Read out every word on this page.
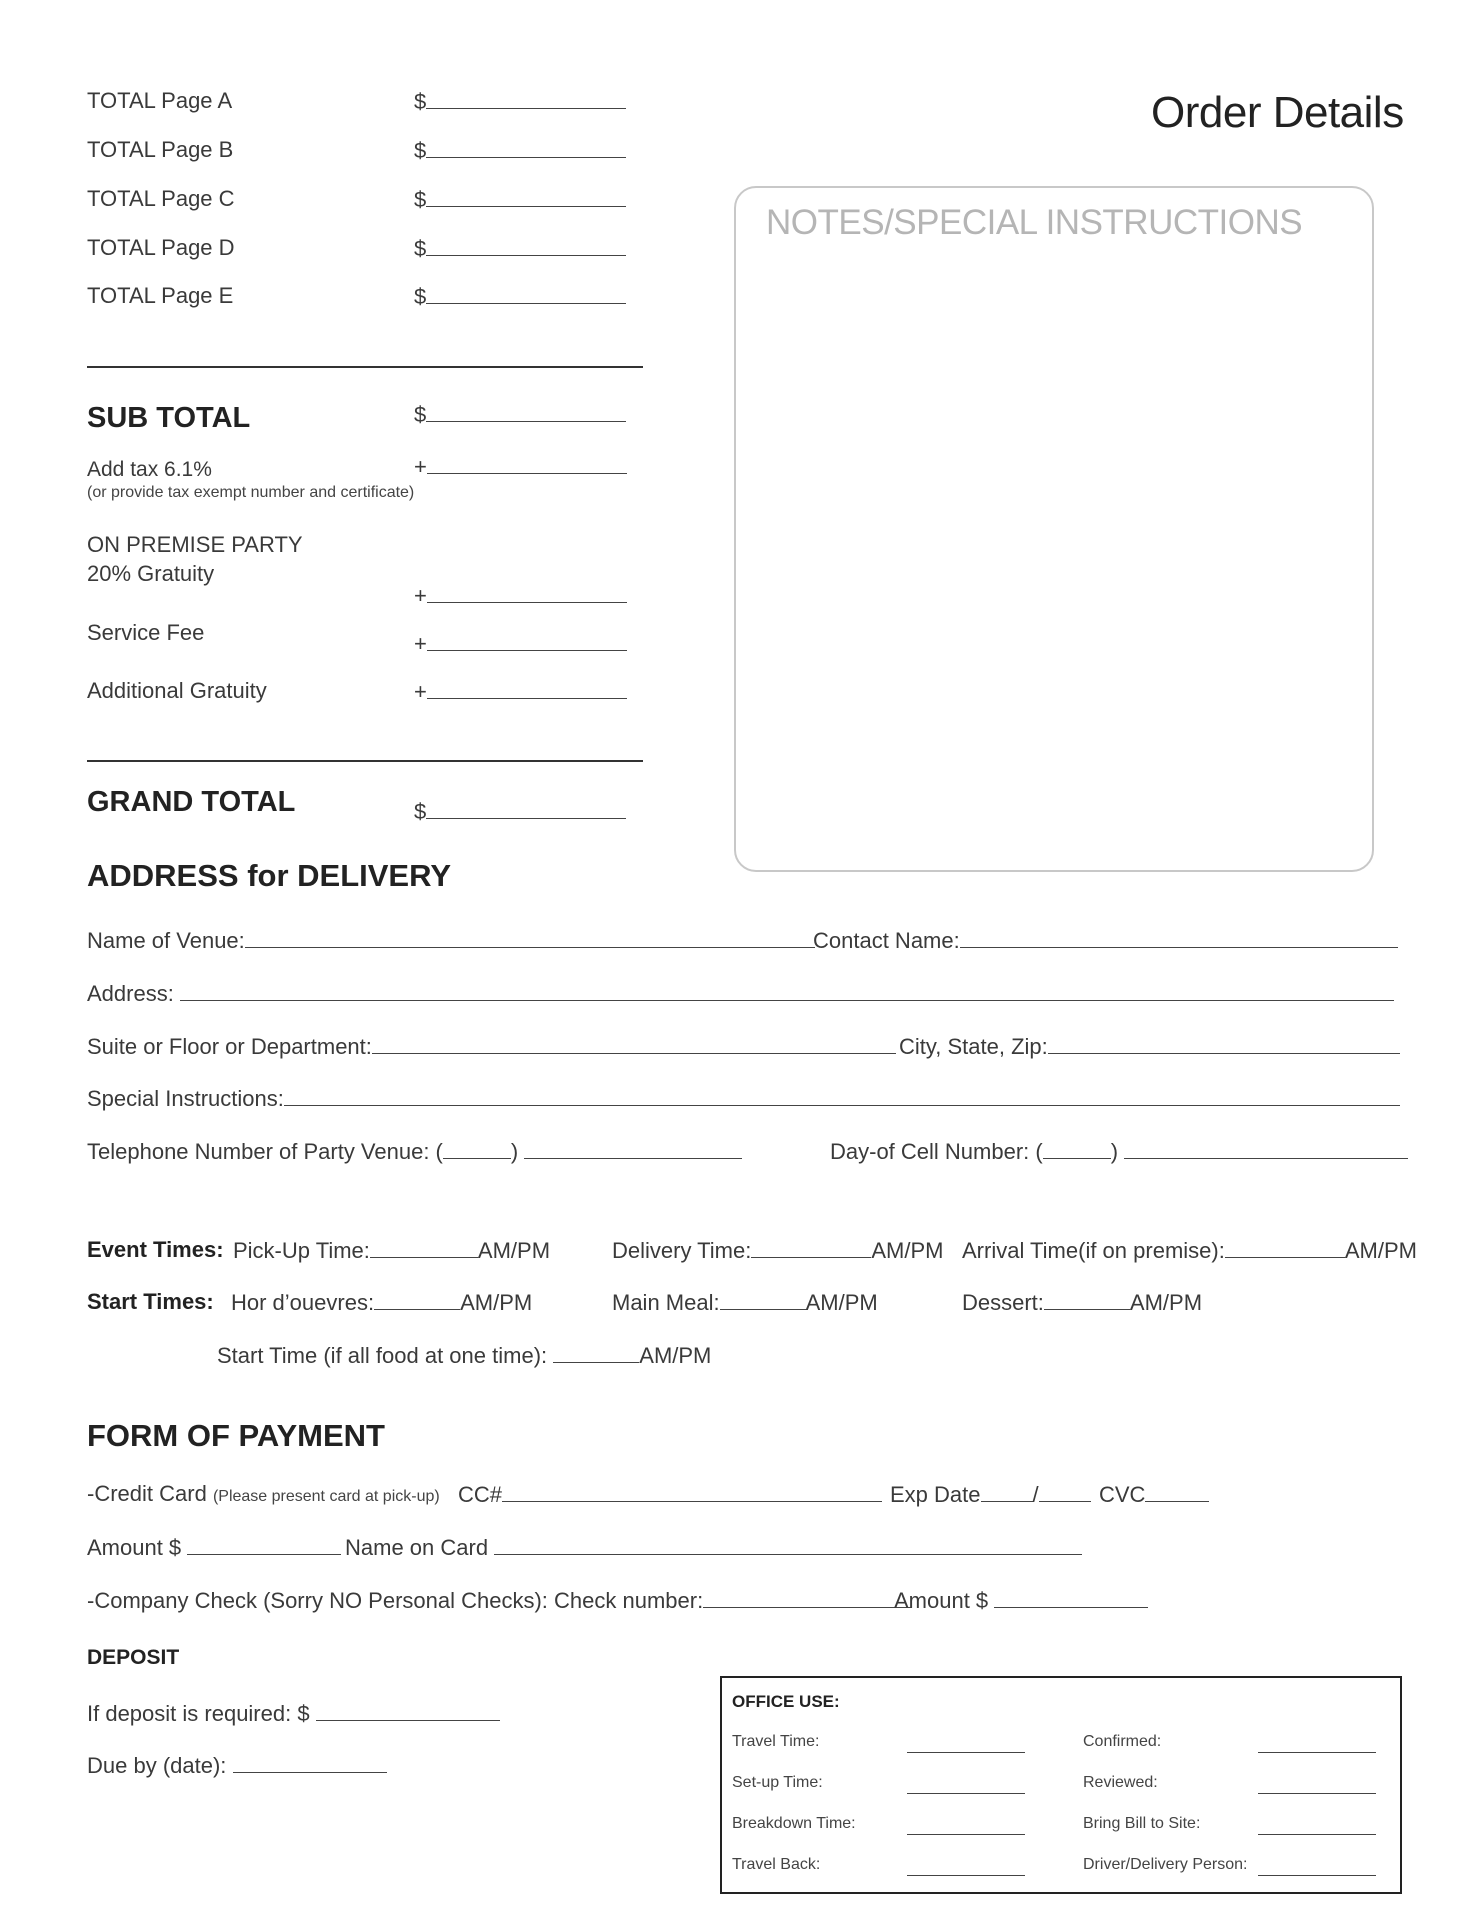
Order Details
TOTAL Page A	$
TOTAL Page B	$
TOTAL Page C	$
TOTAL Page D	$
TOTAL Page E	$
SUB TOTAL	$
Add tax 6.1%
(or provide tax exempt number and certificate)
+
ON PREMISE PARTY
20% Gratuity
+
Service Fee	+
Additional Gratuity	+
GRAND TOTAL	$
NOTES/SPECIAL INSTRUCTIONS
ADDRESS for DELIVERY
Name of Venue:	Contact Name:
Address:
Suite or Floor or Department:	City, State, Zip:
Special Instructions:
Telephone Number of Party Venue: (	)	Day-of Cell Number: (	)
Event Times: Pick-Up Time:	AM/PM	Delivery Time:	AM/PM Arrival Time(if on premise):	AM/PM
Start Times: Hor d’ouevres:	AM/PM	Main Meal:	AM/PM	Dessert:	AM/PM
Start Time (if all food at one time):	AM/PM
FORM OF PAYMENT
-Credit Card (Please present card at pick-up) CC#	Exp Date /	CVC
Amount $	Name on Card
-Company Check (Sorry NO Personal Checks): Check number:	Amount $
DEPOSIT
If deposit is required: $
Due by (date):
OFFICE USE:
Travel Time:	Confirmed:
Set-up Time:	Reviewed:
Breakdown Time:	Bring Bill to Site:
Travel Back:	Driver/Delivery Person:
